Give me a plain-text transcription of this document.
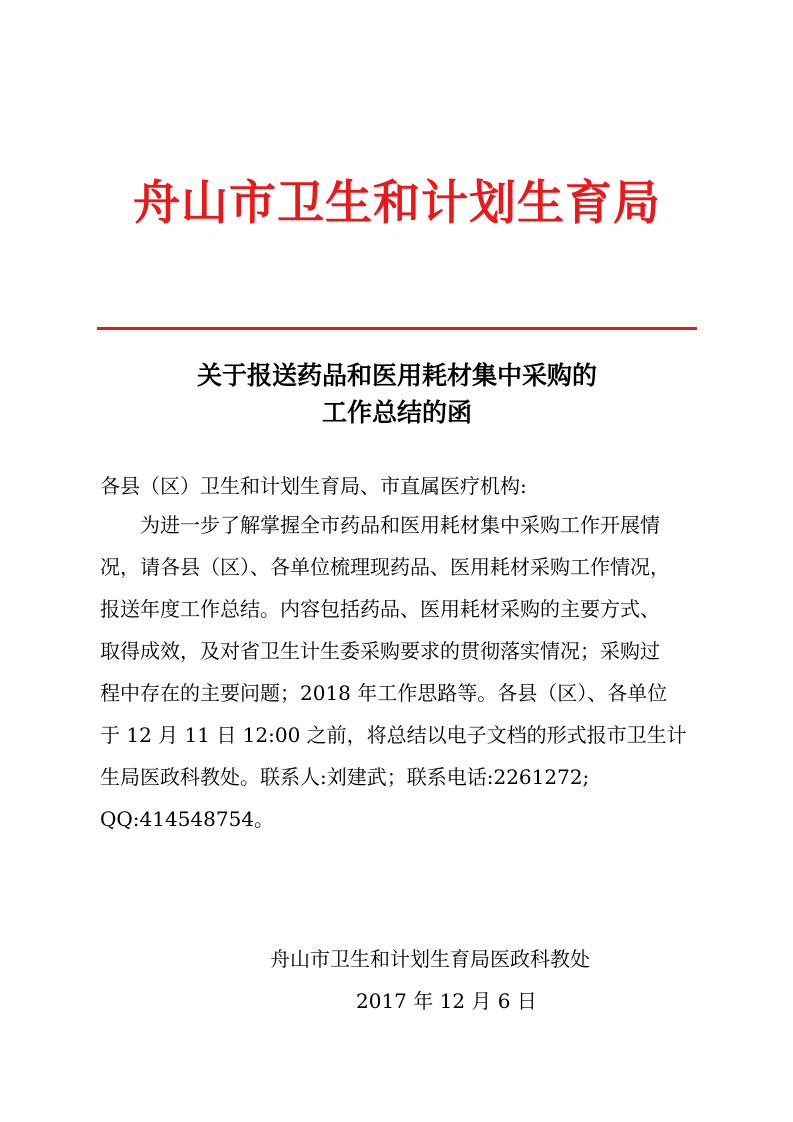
舟山市卫生和计划生育局
关于报送药品和医用耗材集中采购的
工作总结的函
各县（区）卫生和计划生育局、市直属医疗机构:
为进一步了解掌握全市药品和医用耗材集中采购工作开展情
况，请各县（区）、各单位梳理现药品、医用耗材采购工作情况，
报送年度工作总结。内容包括药品、医用耗材采购的主要方式、
取得成效，及对省卫生计生委采购要求的贯彻落实情况；采购过
程中存在的主要问题；2018 年工作思路等。各县（区）、各单位
于 12 月 11 日 12:00 之前，将总结以电子文档的形式报市卫生计
生局医政科教处。联系人:刘建武；联系电话:2261272;
QQ:414548754。
舟山市卫生和计划生育局医政科教处
2017 年 12 月 6 日
